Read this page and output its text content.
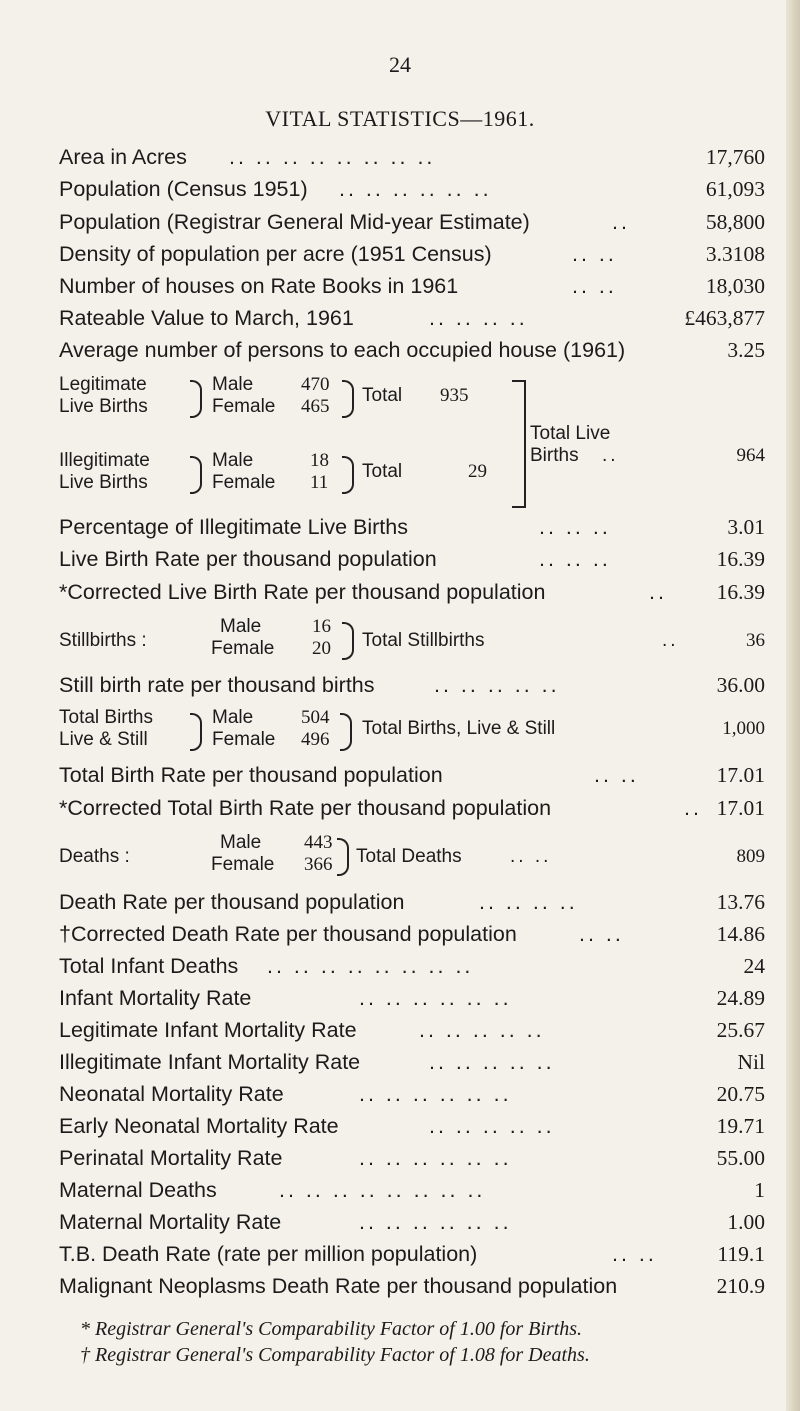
24
VITAL STATISTICS—1961.
Area in Acres .. .. .. .. .. .. .. ..	17,760
Population (Census 1951) .. .. .. .. .. ..	61,093
Population (Registrar General Mid-year Estimate)	..	58,800
Density of population per acre (1951 Census)	.. ..	3.3108
Number of houses on Rate Books in 1961	.. ..	18,030
Rateable Value to March, 1961	.. .. .. ..	£463,877
Average number of persons to each occupied house (1961)	3.25
Legitimate
Live Births
Male	470
Female 465
Total 935
Illegitimate
Live Births
Male	18
Female 11
Total	29
Total Live
Births ..	964
Percentage of Illegitimate Live Births	.. .. ..	3.01
Live Birth Rate per thousand population	.. .. ..	16.39
*Corrected Live Birth Rate per thousand population	.. 16.39
Stillbirths :
Male	16
Female 20 Total Stillbirths	..	36
Still birth rate per thousand births	.. .. .. .. ..	36.00
Total Births
Live & Still
Male	504
Female 496
Total Births, Live & Still	1,000
Total Birth Rate per thousand population	.. ..	17.01
*Corrected Total Birth Rate per thousand population	.. 17.01
Deaths :
Male 443
Female 366 Total Deaths	.. ..	809
Death Rate per thousand population	.. .. .. ..	13.76
†Corrected Death Rate per thousand population	.. ..	14.86
Total Infant Deaths .. .. .. .. .. .. .. ..	24
Infant Mortality Rate	.. .. .. .. .. ..	24.89
Legitimate Infant Mortality Rate	.. .. .. .. ..	25.67
Illegitimate Infant Mortality Rate	.. .. .. .. ..	Nil
Neonatal Mortality Rate	.. .. .. .. .. ..	20.75
Early Neonatal Mortality Rate	.. .. .. .. ..	19.71
Perinatal Mortality Rate	.. .. .. .. .. ..	55.00
Maternal Deaths	.. .. .. .. .. .. .. ..	1
Maternal Mortality Rate	.. .. .. .. .. ..	1.00
T.B. Death Rate (rate per million population)	.. ..	119.1
Malignant Neoplasms Death Rate per thousand population	210.9
* Registrar General's Comparability Factor of 1.00 for Births.
† Registrar General's Comparability Factor of 1.08 for Deaths.
